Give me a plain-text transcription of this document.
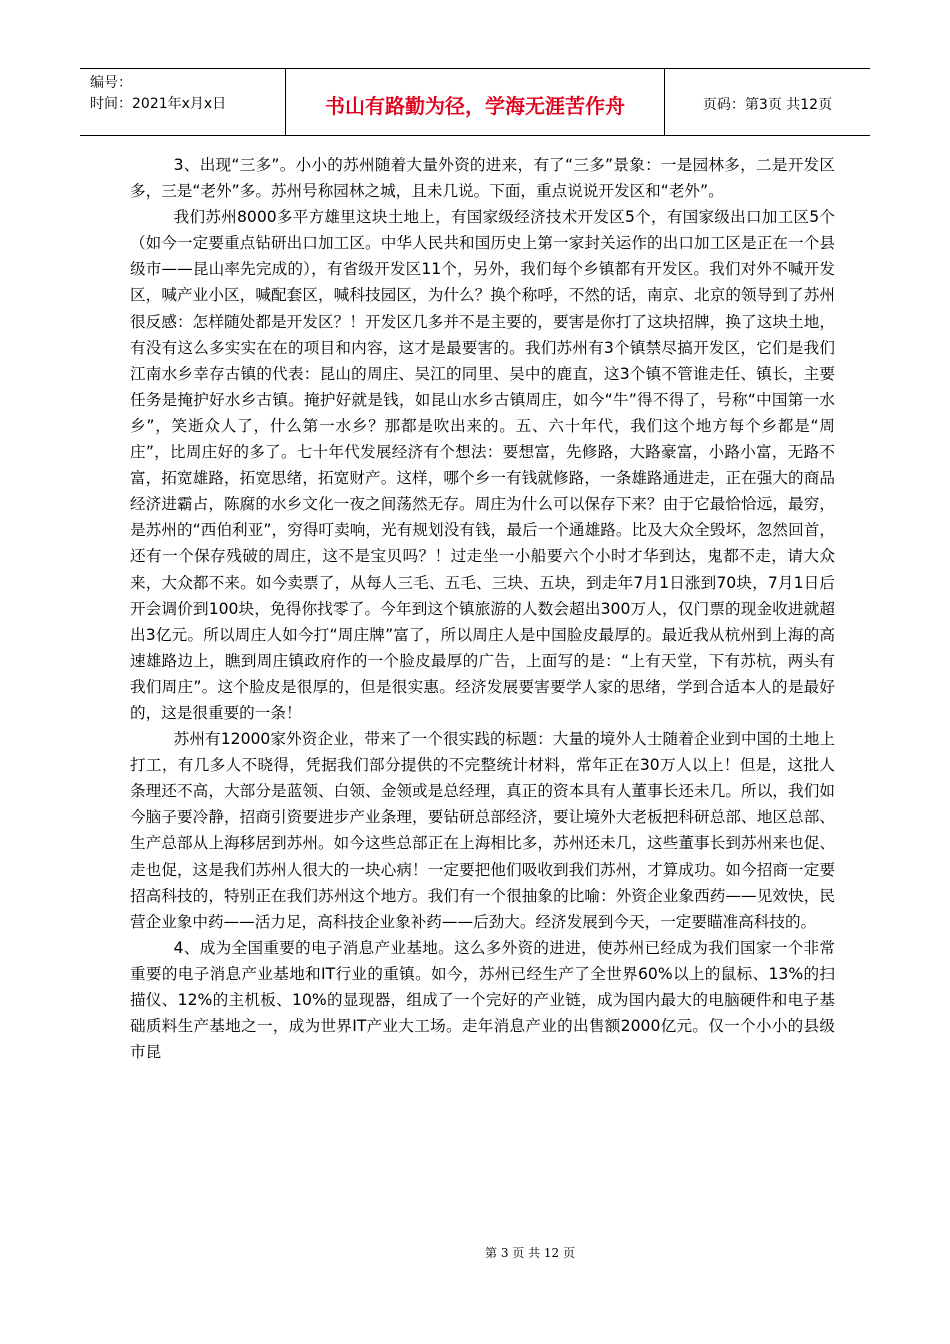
编号：
时间：2021年x月x日	书山有路勤为径，学海无涯苦作舟	页码：第3页 共12页

3、出现“三多”。小小的苏州随着大量外资的进来，有了“三多”景象：一是园林多，二是开发区多，三是“老外”多。苏州号称园林之城，且未几说。下面，重点说说开发区和“老外”。

我们苏州8000多平方雄里这块土地上，有国家级经济技术开发区5个，有国家级出口加工区5个（如今一定要重点钻研出口加工区。中华人民共和国历史上第一家封关运作的出口加工区是正在一个县级市——昆山率先完成的），有省级开发区11个，另外，我们每个乡镇都有开发区。我们对外不喊开发区，喊产业小区，喊配套区，喊科技园区，为什么？换个称呼，不然的话，南京、北京的领导到了苏州很反感：怎样随处都是开发区？！开发区几多并不是主要的，要害是你打了这块招牌，换了这块土地，有没有这么多实实在在的项目和内容，这才是最要害的。我们苏州有3个镇禁尽搞开发区，它们是我们江南水乡幸存古镇的代表：昆山的周庄、吴江的同里、吴中的鹿直，这3个镇不管谁走任、镇长，主要任务是掩护好水乡古镇。掩护好就是钱，如昆山水乡古镇周庄，如今“牛”得不得了，号称“中国第一水乡”，笑逝众人了，什么第一水乡？那都是吹出来的。五、六十年代，我们这个地方每个乡都是“周庄”，比周庄好的多了。七十年代发展经济有个想法：要想富，先修路，大路豪富，小路小富，无路不富，拓宽雄路，拓宽思绪，拓宽财产。这样，哪个乡一有钱就修路，一条雄路通进走，正在强大的商品经济进霸占，陈腐的水乡文化一夜之间荡然无存。周庄为什么可以保存下来？由于它最恰恰远，最穷，是苏州的“西伯利亚”，穷得叮卖响，光有规划没有钱，最后一个通雄路。比及大众全毁坏，忽然回首，还有一个保存残破的周庄，这不是宝贝吗？！过走坐一小船要六个小时才华到达，鬼都不走，请大众来，大众都不来。如今卖票了，从每人三毛、五毛、三块、五块，到走年7月1日涨到70块，7月1日后开会调价到100块，免得你找零了。今年到这个镇旅游的人数会超出300万人，仅门票的现金收进就超出3亿元。所以周庄人如今打“周庄牌”富了，所以周庄人是中国脸皮最厚的。最近我从杭州到上海的高速雄路边上，瞧到周庄镇政府作的一个脸皮最厚的广告，上面写的是：“上有天堂，下有苏杭，两头有我们周庄”。这个脸皮是很厚的，但是很实惠。经济发展要害要学人家的思绪，学到合适本人的是最好的，这是很重要的一条！

苏州有12000家外资企业，带来了一个很实践的标题：大量的境外人士随着企业到中国的土地上打工，有几多人不晓得，凭据我们部分提供的不完整统计材料，常年正在30万人以上！但是，这批人条理还不高，大部分是蓝领、白领、金领或是总经理，真正的资本具有人董事长还未几。所以，我们如今脑子要冷静，招商引资要进步产业条理，要钻研总部经济，要让境外大老板把科研总部、地区总部、生产总部从上海移居到苏州。如今这些总部正在上海相比多，苏州还未几，这些董事长到苏州来也促、走也促，这是我们苏州人很大的一块心病！一定要把他们吸收到我们苏州，才算成功。如今招商一定要招高科技的，特别正在我们苏州这个地方。我们有一个很抽象的比喻：外资企业象西药——见效快，民营企业象中药——活力足，高科技企业象补药——后劲大。经济发展到今天，一定要瞄准高科技的。

4、成为全国重要的电子消息产业基地。这么多外资的进进，使苏州已经成为我们国家一个非常重要的电子消息产业基地和IT行业的重镇。如今，苏州已经生产了全世界60%以上的鼠标、13%的扫描仪、12%的主机板、10%的显现器，组成了一个完好的产业链，成为国内最大的电脑硬件和电子基础质料生产基地之一，成为世界IT产业大工场。走年消息产业的出售额2000亿元。仅一个小小的县级市昆

第 3 页 共 12 页
